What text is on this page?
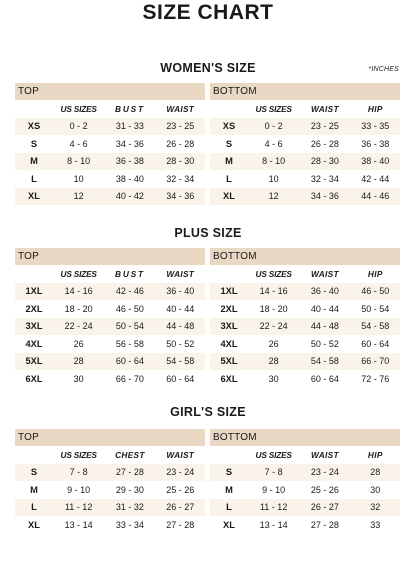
SIZE CHART
WOMEN'S SIZE	*INCHES
TOP			
	US SIZES	BUST	WAIST
XS	0 - 2	31 - 33	23 - 25
S	4 - 6	34 - 36	26 - 28
M	8 - 10	36 - 38	28 - 30
L	10	38 - 40	32 - 34
XL	12	40 - 42	34 - 36
BOTTOM			
	US SIZES	WAIST	HIP
XS	0 - 2	23 - 25	33 - 35
S	4 - 6	26 - 28	36 - 38
M	8 - 10	28 - 30	38 - 40
L	10	32 - 34	42 - 44
XL	12	34 - 36	44 - 46
PLUS SIZE
TOP			
	US SIZES	BUST	WAIST
1XL	14 - 16	42 - 46	36 - 40
2XL	18 - 20	46 - 50	40 - 44
3XL	22 - 24	50 - 54	44 - 48
4XL	26	56 - 58	50 - 52
5XL	28	60 - 64	54 - 58
6XL	30	66 - 70	60 - 64
BOTTOM			
	US SIZES	WAIST	HIP
1XL	14 - 16	36 - 40	46 - 50
2XL	18 - 20	40 - 44	50 - 54
3XL	22 - 24	44 - 48	54 - 58
4XL	26	50 - 52	60 - 64
5XL	28	54 - 58	66 - 70
6XL	30	60 - 64	72 - 76
GIRL'S SIZE
TOP			
	US SIZES	CHEST	WAIST
S	7 - 8	27 - 28	23 - 24
M	9 - 10	29 - 30	25 - 26
L	11 - 12	31 - 32	26 - 27
XL	13 - 14	33 - 34	27 - 28
BOTTOM			
	US SIZES	WAIST	HIP
S	7 - 8	23 - 24	28
M	9 - 10	25 - 26	30
L	11 - 12	26 - 27	32
XL	13 - 14	27 - 28	33
